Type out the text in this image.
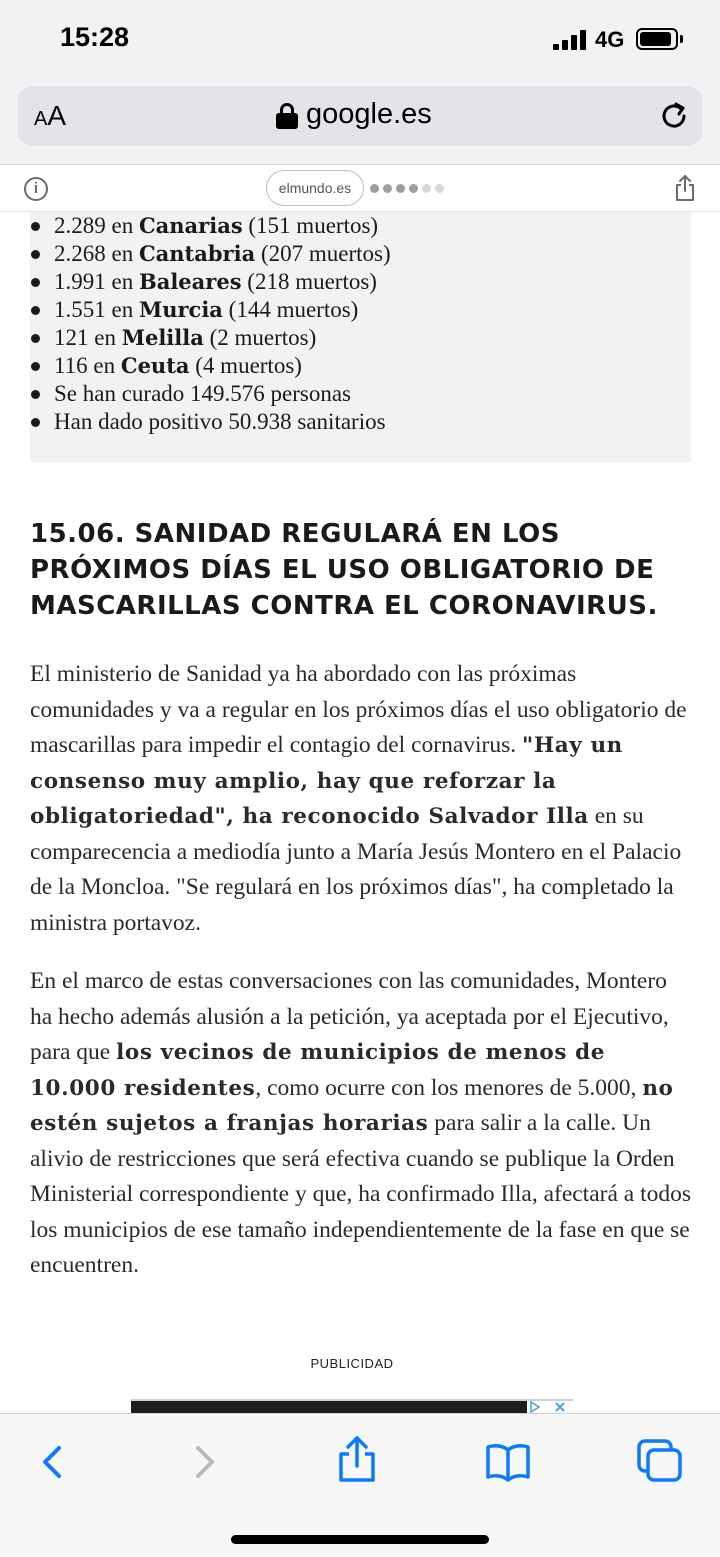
15:28	4G
AA	google.es
i	elmundo.es
2.289 en Canarias (151 muertos)
2.268 en Cantabria (207 muertos)
1.991 en Baleares (218 muertos)
1.551 en Murcia (144 muertos)
121 en Melilla (2 muertos)
116 en Ceuta (4 muertos)
Se han curado 149.576 personas
Han dado positivo 50.938 sanitarios
15.06. SANIDAD REGULARÁ EN LOS PRÓXIMOS DÍAS EL USO OBLIGATORIO DE MASCARILLAS CONTRA EL CORONAVIRUS.

El ministerio de Sanidad ya ha abordado con las próximas comunidades y va a regular en los próximos días el uso obligatorio de mascarillas para impedir el contagio del cornavirus. "Hay un consenso muy amplio, hay que reforzar la obligatoriedad", ha reconocido Salvador Illa en su comparecencia a mediodía junto a María Jesús Montero en el Palacio de la Moncloa. "Se regulará en los próximos días", ha completado la ministra portavoz.

En el marco de estas conversaciones con las comunidades, Montero ha hecho además alusión a la petición, ya aceptada por el Ejecutivo, para que los vecinos de municipios de menos de 10.000 residentes, como ocurre con los menores de 5.000, no estén sujetos a franjas horarias para salir a la calle. Un alivio de restricciones que será efectiva cuando se publique la Orden Ministerial correspondiente y que, ha confirmado Illa, afectará a todos los municipios de ese tamaño independientemente de la fase en que se encuentren.

PUBLICIDAD
